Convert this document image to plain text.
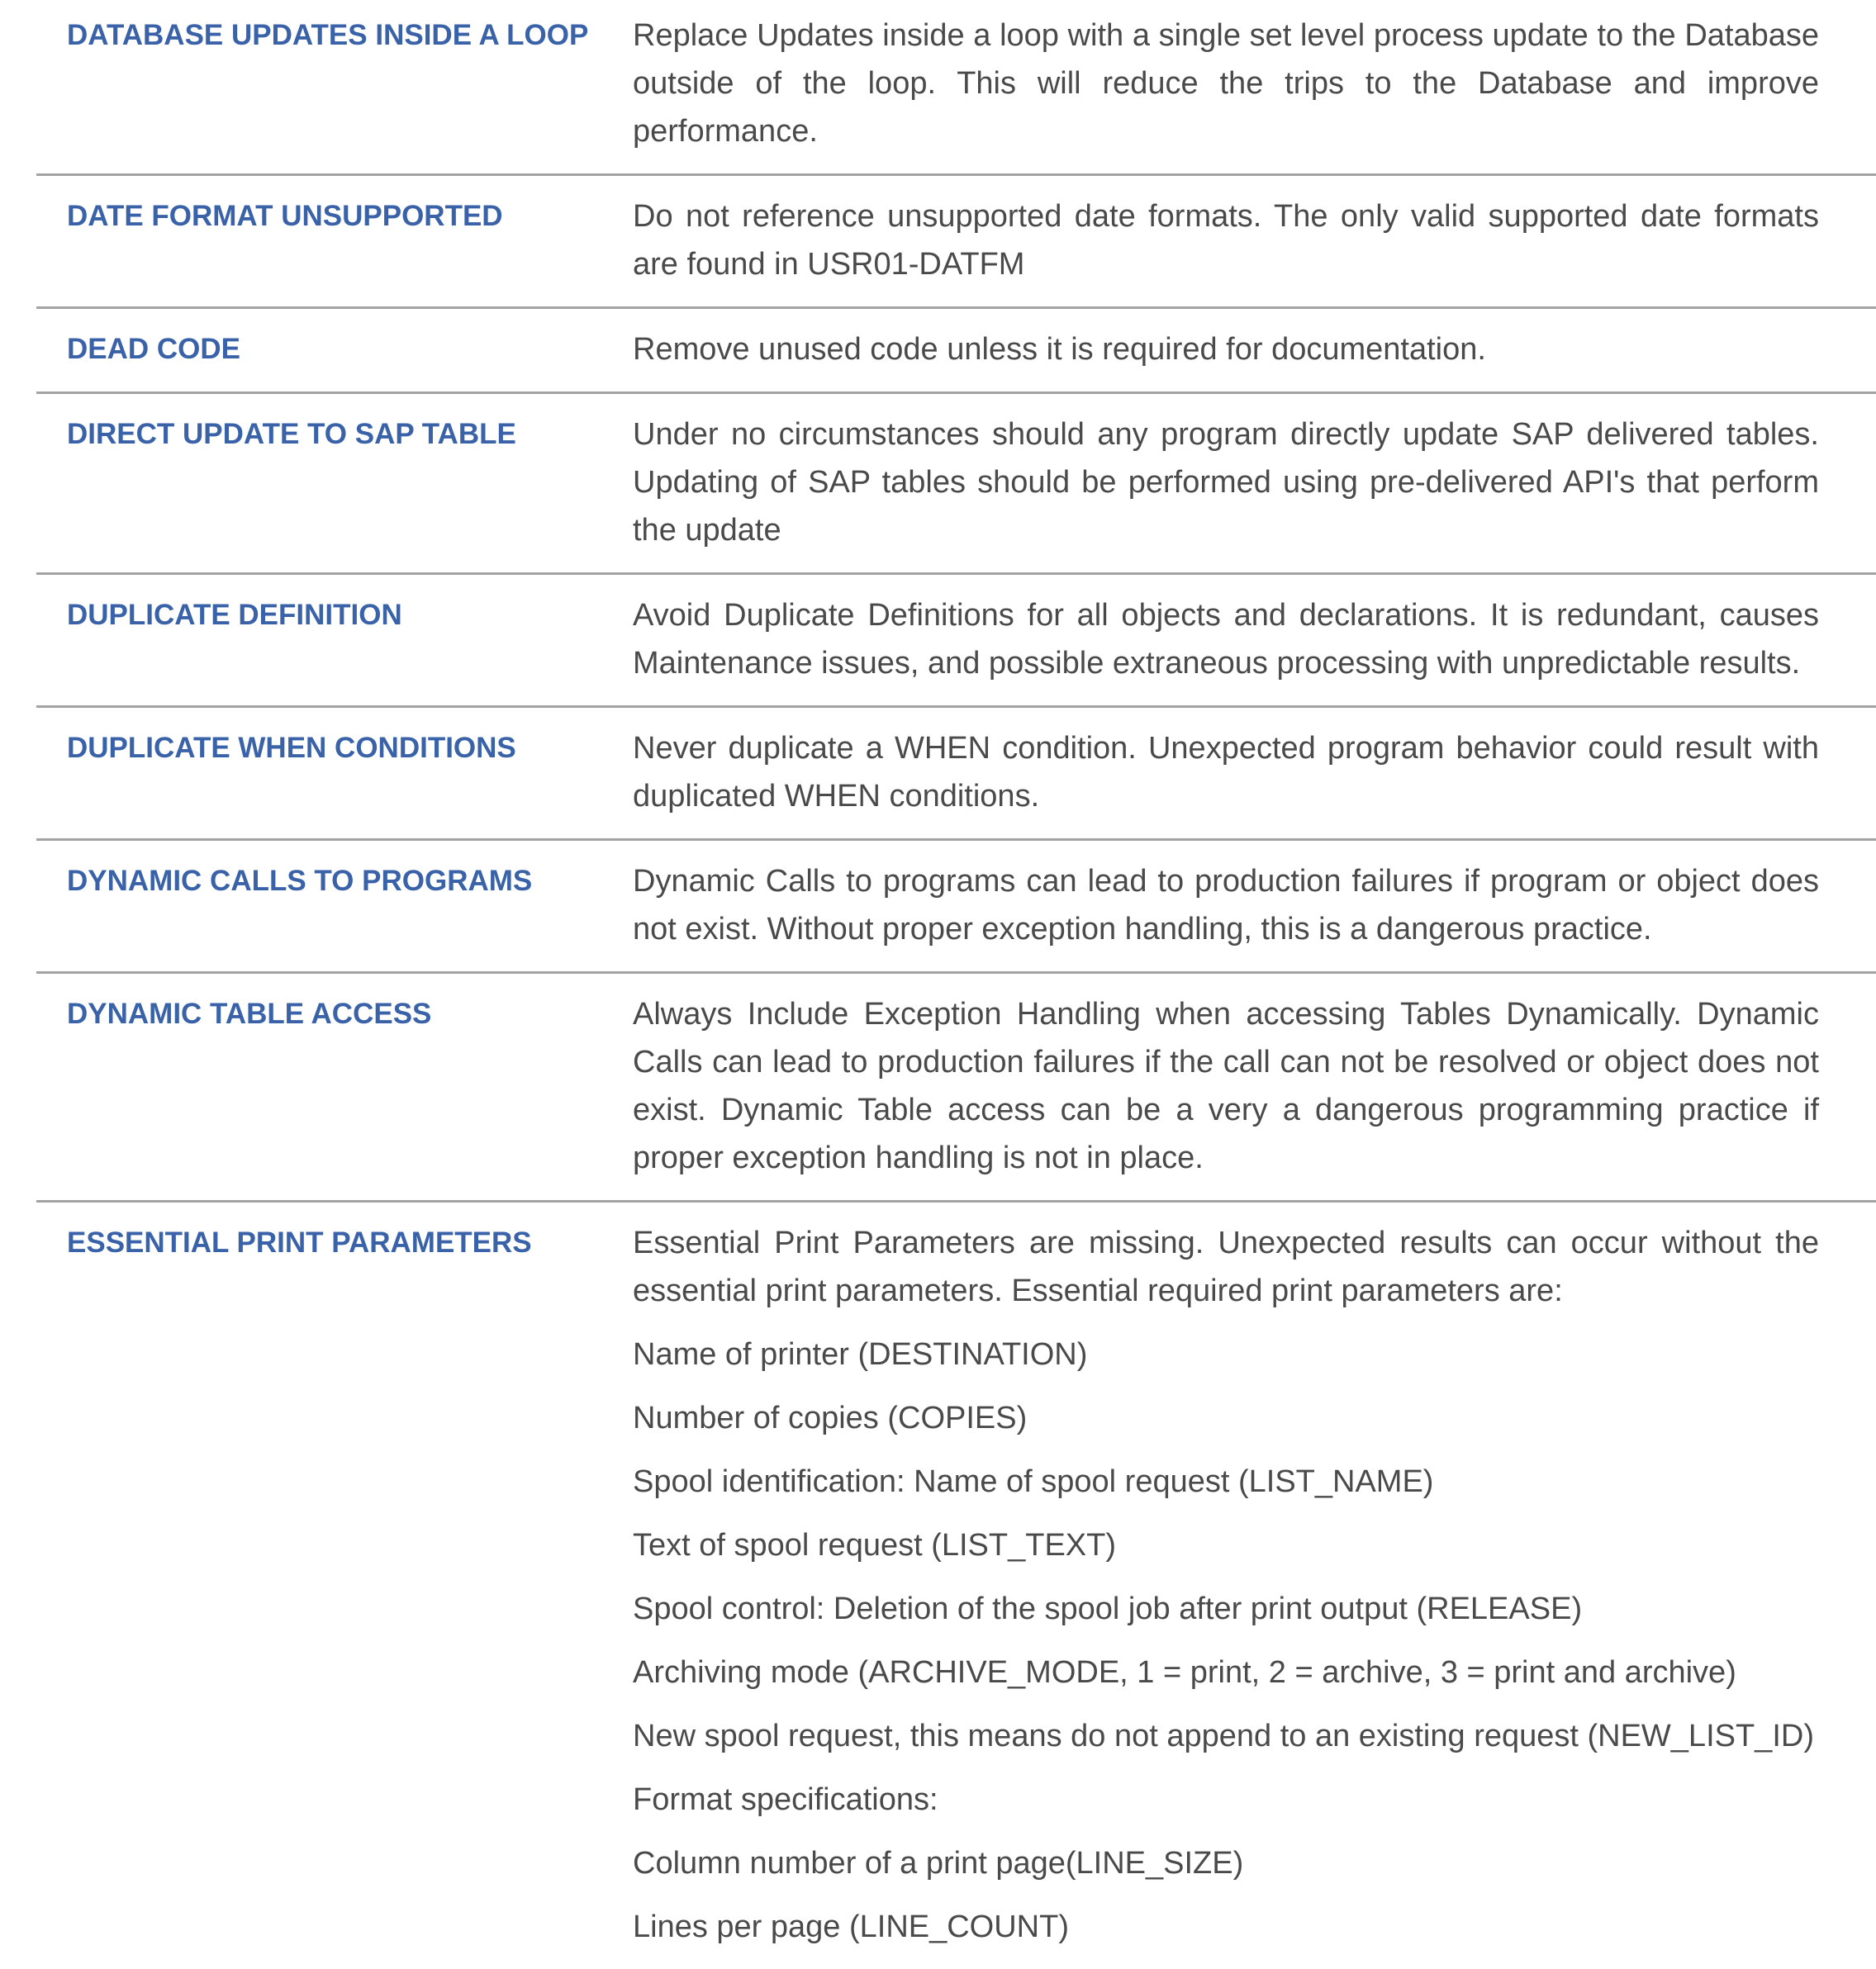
DATABASE UPDATES INSIDE A LOOP	Replace Updates inside a loop with a single set level process update to the Database outside of the loop. This will reduce the trips to the Database and improve performance.

DATE FORMAT UNSUPPORTED	Do not reference unsupported date formats. The only valid supported date formats are found in USR01-DATFM

DEAD CODE	Remove unused code unless it is required for documentation.

DIRECT UPDATE TO SAP TABLE	Under no circumstances should any program directly update SAP delivered tables. Updating of SAP tables should be performed using pre-delivered API's that perform the update

DUPLICATE DEFINITION	Avoid Duplicate Definitions for all objects and declarations. It is redundant, causes Maintenance issues, and possible extraneous processing with unpredictable results.

DUPLICATE WHEN CONDITIONS	Never duplicate a WHEN condition. Unexpected program behavior could result with duplicated WHEN conditions.

DYNAMIC CALLS TO PROGRAMS	Dynamic Calls to programs can lead to production failures if program or object does not exist. Without proper exception handling, this is a dangerous practice.

DYNAMIC TABLE ACCESS	Always Include Exception Handling when accessing Tables Dynamically. Dynamic Calls can lead to production failures if the call can not be resolved or object does not exist. Dynamic Table access can be a very a dangerous programming practice if proper exception handling is not in place.

ESSENTIAL PRINT PARAMETERS	Essential Print Parameters are missing. Unexpected results can occur without the essential print parameters. Essential required print parameters are:

Name of printer (DESTINATION)

Number of copies (COPIES)

Spool identification: Name of spool request (LIST_NAME)

Text of spool request (LIST_TEXT)

Spool control: Deletion of the spool job after print output (RELEASE)

Archiving mode (ARCHIVE_MODE, 1 = print, 2 = archive, 3 = print and archive)

New spool request, this means do not append to an existing request (NEW_LIST_ID)

Format specifications:

Column number of a print page(LINE_SIZE)

Lines per page (LINE_COUNT)
